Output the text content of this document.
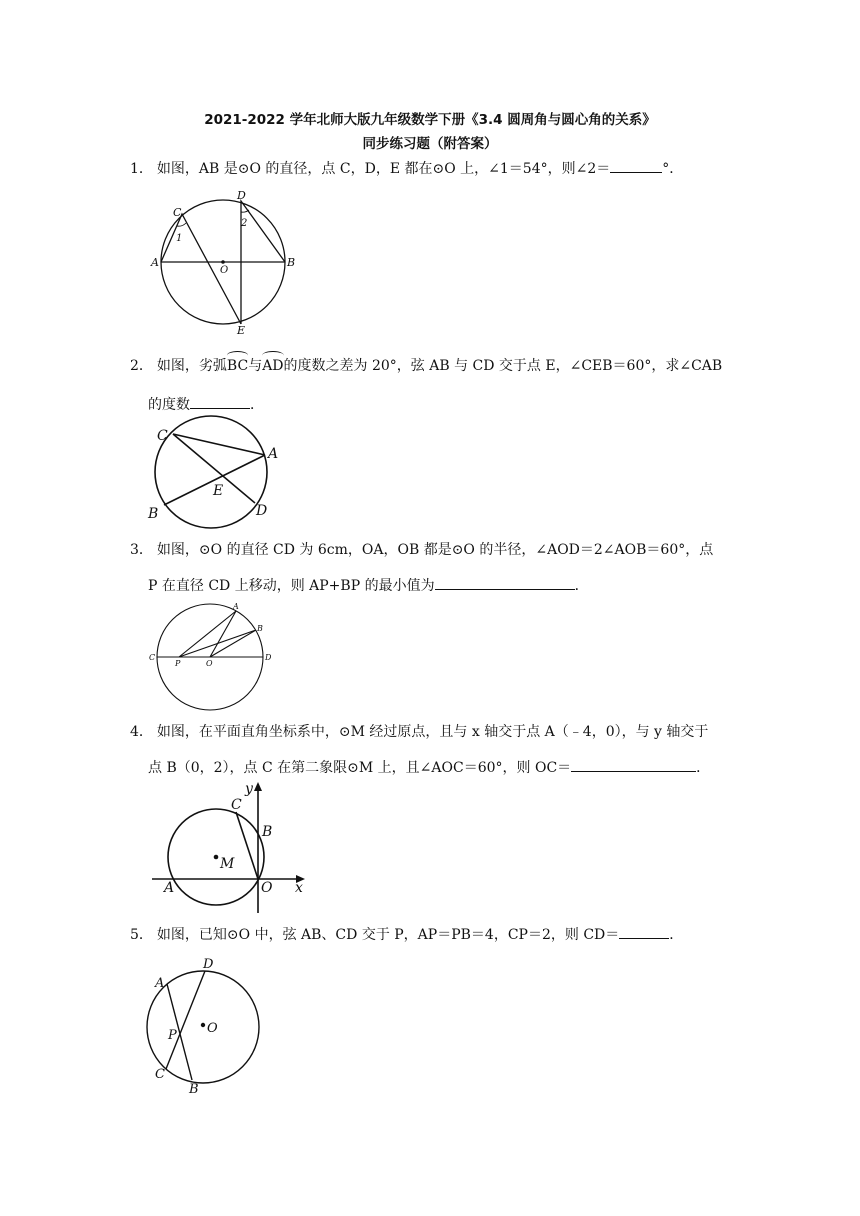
2021-2022 学年北师大版九年级数学下册《3.4 圆周角与圆心角的关系》
同步练习题（附答案）
1． 如图，AB 是⊙O 的直径，点 C，D，E 都在⊙O 上，∠1＝54°，则∠2＝	°．
A
C
1
D
2
O
B
E
2． 如图，劣弧BC与AD的度数之差为 20°，弦 AB 与 CD 交于点 E，∠CEB＝60°，求∠CAB
的度数	．
C
A
E
B	D
3． 如图，⊙O 的直径 CD 为 6cm，OA，OB 都是⊙O 的半径，∠AOD＝2∠AOB＝60°，点
P 在直径 CD 上移动，则 AP+BP 的最小值为	．
A
B
C
P	O
D
4． 如图，在平面直角坐标系中，⊙M 经过原点，且与 x 轴交于点 A（﹣4，0），与 y 轴交于
点 B（0，2），点 C 在第二象限⊙M 上，且∠AOC＝60°，则 OC＝	．
y
C
B
M
A	O x
5． 如图，已知⊙O 中，弦 AB、CD 交于 P，AP＝PB＝4，CP＝2，则 CD＝	．
D
A
O
P
C
B
